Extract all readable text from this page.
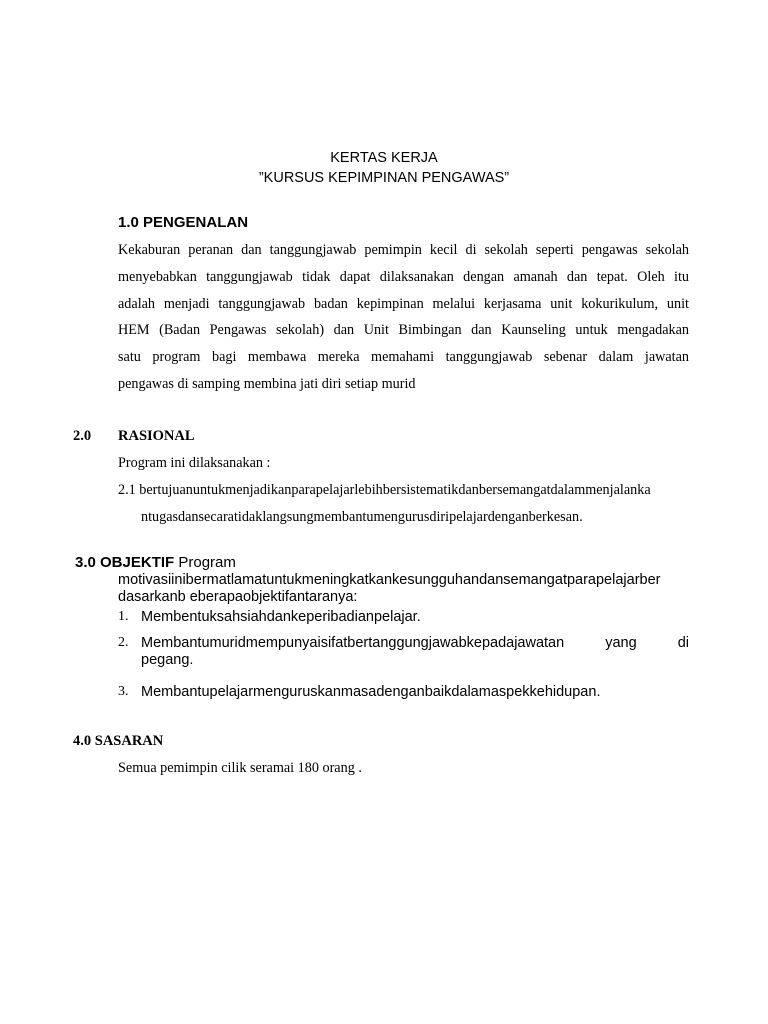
KERTAS KERJA
”KURSUS KEPIMPINAN PENGAWAS”
1.0 PENGENALAN
Kekaburan peranan dan tanggungjawab pemimpin kecil di sekolah seperti pengawas sekolah
menyebabkan tanggungjawab tidak dapat dilaksanakan dengan amanah dan tepat. Oleh itu
adalah menjadi tanggungjawab badan kepimpinan melalui kerjasama unit kokurikulum, unit
HEM (Badan Pengawas sekolah) dan Unit Bimbingan dan Kaunseling untuk mengadakan
satu program bagi membawa mereka memahami tanggungjawab sebenar dalam jawatan
pengawas di samping membina jati diri setiap murid
2.0 RASIONAL
Program ini dilaksanakan :
2.1 bertujuanuntukmenjadikanparapelajarlebihbersistematikdanbersemangatdalammenjalanka
ntugasdansecaratidaklangsungmembantumengurusdiripelajardenganberkesan.
3.0 OBJEKTIF Program
motivasiinibermatlamatuntukmeningkatkankesungguhandansemangatparapelajarber
dasarkanb eberapaobjektifantaranya:
1. Membentuksahsiahdankeperibadianpelajar.
2. Membantumuridmempunyaisifatbertanggungjawabkepadajawatan	yang	di
pegang.
3. Membantupelajarmenguruskanmasadenganbaikdalamaspekkehidupan.
4.0 SASARAN
Semua pemimpin cilik seramai 180 orang .
